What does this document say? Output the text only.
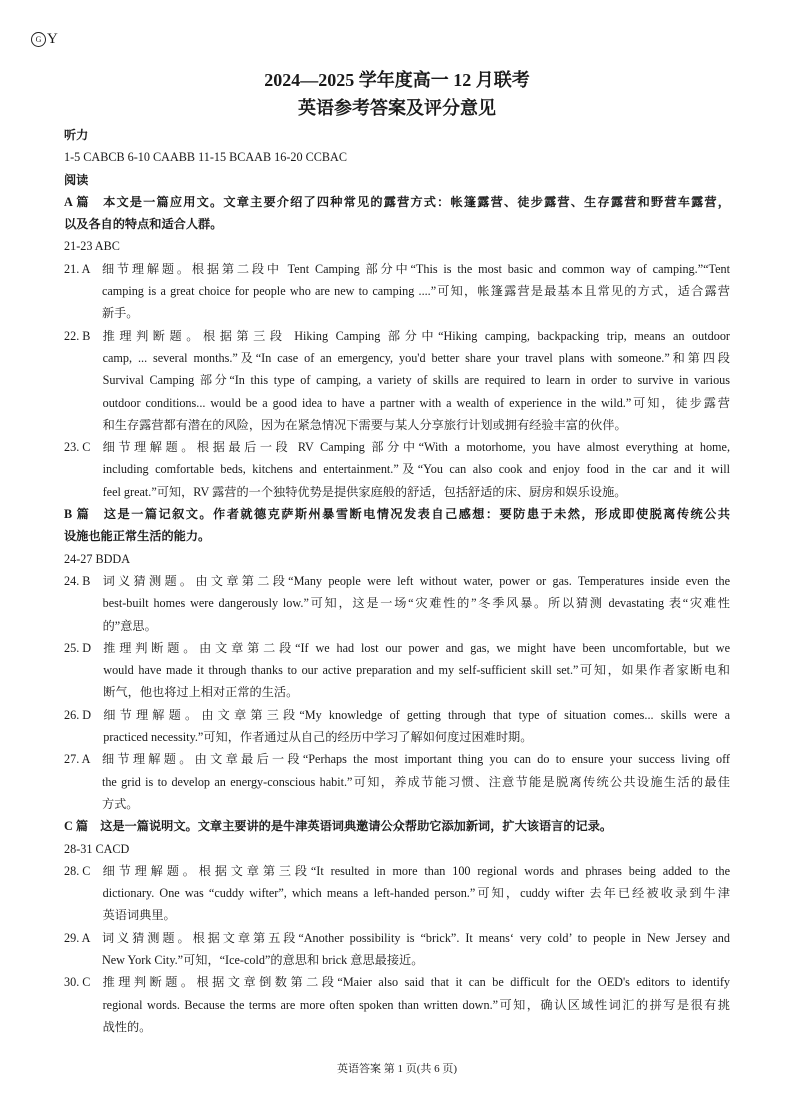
G Y
2024—2025 学年度高一 12 月联考
英语参考答案及评分意见
听力
1-5 CABCB 6-10 CAABB 11-15 BCAAB 16-20 CCBAC
阅读

A 篇　本文是一篇应用文。文章主要介绍了四种常见的露营方式：帐篷露营、徒步露营、生存露营和野营车露营，

以及各自的特点和适合人群。

21-23 ABC
21. A　 细节理解题。根据第二段中 Tent Camping 部分中“This is the most basic and common way of camping.”“Tent

camping is a great choice for people who are new to camping ....”可知，帐篷露营是最基本且常见的方式，适合露营

新手。

22. B　 推理判断题。根据第三段 Hiking Camping 部分中“Hiking camping, backpacking trip, means an outdoor

camp, ... several months.”及“In case of an emergency, you'd better share your travel plans with someone.”和第四段

Survival Camping 部分“In this type of camping, a variety of skills are required to learn in order to survive in various

outdoor conditions... would be a good idea to have a partner with a wealth of experience in the wild.”可知，徒步露营

和生存露营都有潜在的风险，因为在紧急情况下需要与某人分享旅行计划或拥有经验丰富的伙伴。

23. C　 细节理解题。根据最后一段 RV Camping 部分中“With a motorhome, you have almost everything at home,

including comfortable beds, kitchens and entertainment.”及“You can also cook and enjoy food in the car and it will

feel great.”可知，RV 露营的一个独特优势是提供家庭般的舒适，包括舒适的床、厨房和娱乐设施。

B 篇　这是一篇记叙文。作者就德克萨斯州暴雪断电情况发表自己感想：要防患于未然，形成即使脱离传统公共

设施也能正常生活的能力。

24-27 BDDA
24. B　 词义猜测题。由文章第二段“Many people were left without water, power or gas. Temperatures inside even the

best-built homes were dangerously low.”可知，这是一场“灾难性的”冬季风暴。所以猜测 devastating 表“灾难性

的”意思。

25. D　 推理判断题。由文章第二段“If we had lost our power and gas, we might have been uncomfortable, but we

would have made it through thanks to our active preparation and my self-sufficient skill set.”可知，如果作者家断电和

断气，他也将过上相对正常的生活。

26. D　 细节理解题。由文章第三段“My knowledge of getting through that type of situation comes... skills were a

practiced necessity.”可知，作者通过从自己的经历中学习了解如何度过困难时期。

27. A　 细节理解题。由文章最后一段“Perhaps the most important thing you can do to ensure your success living off

the grid is to develop an energy-conscious habit.”可知，养成节能习惯、注意节能是脱离传统公共设施生活的最佳

方式。

C 篇　这是一篇说明文。文章主要讲的是牛津英语词典邀请公众帮助它添加新词，扩大该语言的记录。

28-31 CACD
28. C　 细节理解题。根据文章第三段“It resulted in more than 100 regional words and phrases being added to the

dictionary. One was “cuddy wifter”, which means a left-handed person.”可知，cuddy wifter 去年已经被收录到牛津

英语词典里。

29. A　 词义猜测题。根据文章第五段“Another possibility is “brick”. It means‘ very cold’ to people in New Jersey and

New York City.”可知，“Ice-cold”的意思和 brick 意思最接近。

30. C　 推理判断题。根据文章倒数第二段“Maier also said that it can be difficult for the OED's editors to identify

regional words. Because the terms are more often spoken than written down.”可知，确认区域性词汇的拼写是很有挑

战性的。

英语答案 第 1 页(共 6 页)
